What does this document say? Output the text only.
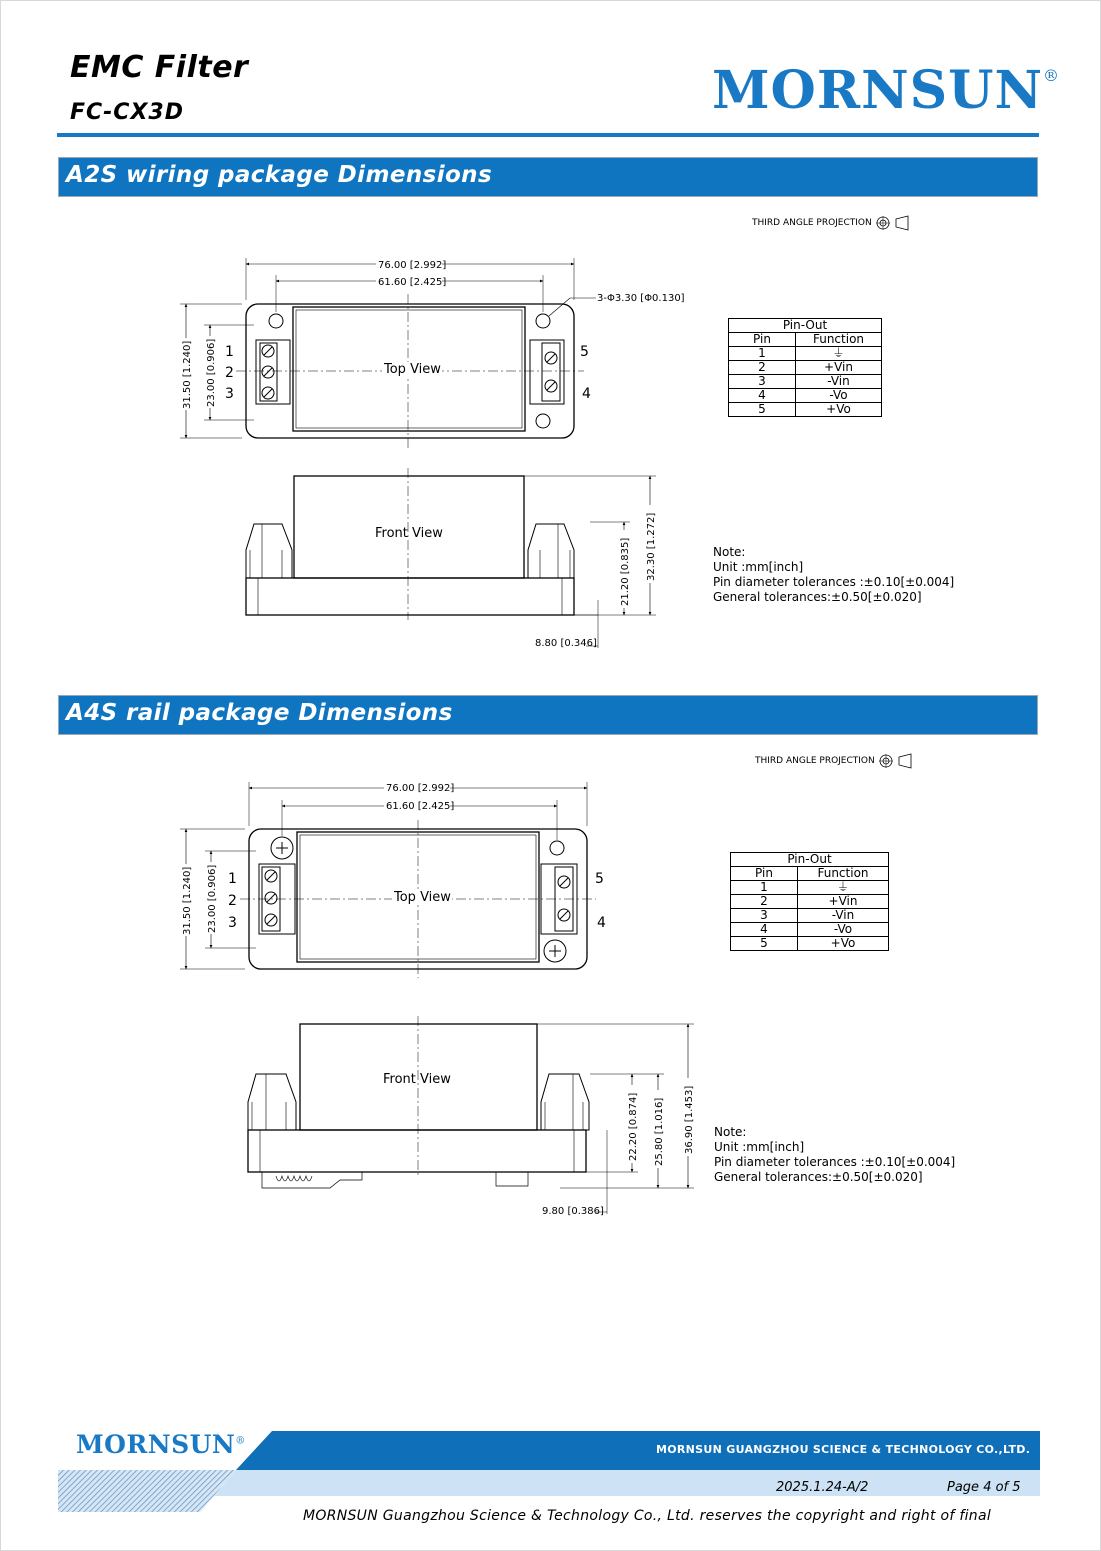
EMC Filter
FC-CX3D	MORNSUN®
A2S wiring package Dimensions
THIRD ANGLE PROJECTION
A4S rail package Dimensions
THIRD ANGLE PROJECTION
76.00 [2.992]
61.60 [2.425]
3-Φ3.30 [Φ0.130]
31.50 [1.240] 23.00 [0.906] 1
2
3
5
4
Top View
Front View
21.20 [0.835] 32.30 [1.272]
8.80 [0.346]
76.00 [2.992]
61.60 [2.425]
31.50 [1.240] 23.00 [0.906] 1
2
3
5
4
Top View
Front View
22.20 [0.874] 25.80 [1.016] 36.90 [1.453]
9.80 [0.386]
Pin-Out	
Pin	Function
1	⏚
2	+Vin
3	-Vin
4	-Vo
5	+Vo
Pin-Out	
Pin	Function
1	⏚
2	+Vin
3	-Vin
4	-Vo
5	+Vo
Note:
Unit :mm[inch]
Pin diameter tolerances :±0.10[±0.004]
General tolerances:±0.50[±0.020]
Note:
Unit :mm[inch]
Pin diameter tolerances :±0.10[±0.004]
General tolerances:±0.50[±0.020]
MORNSUN®
MORNSUN GUANGZHOU SCIENCE & TECHNOLOGY CO.,LTD.
2025.1.24-A/2	Page 4 of 5
MORNSUN Guangzhou Science & Technology Co., Ltd. reserves the copyright and right of final
